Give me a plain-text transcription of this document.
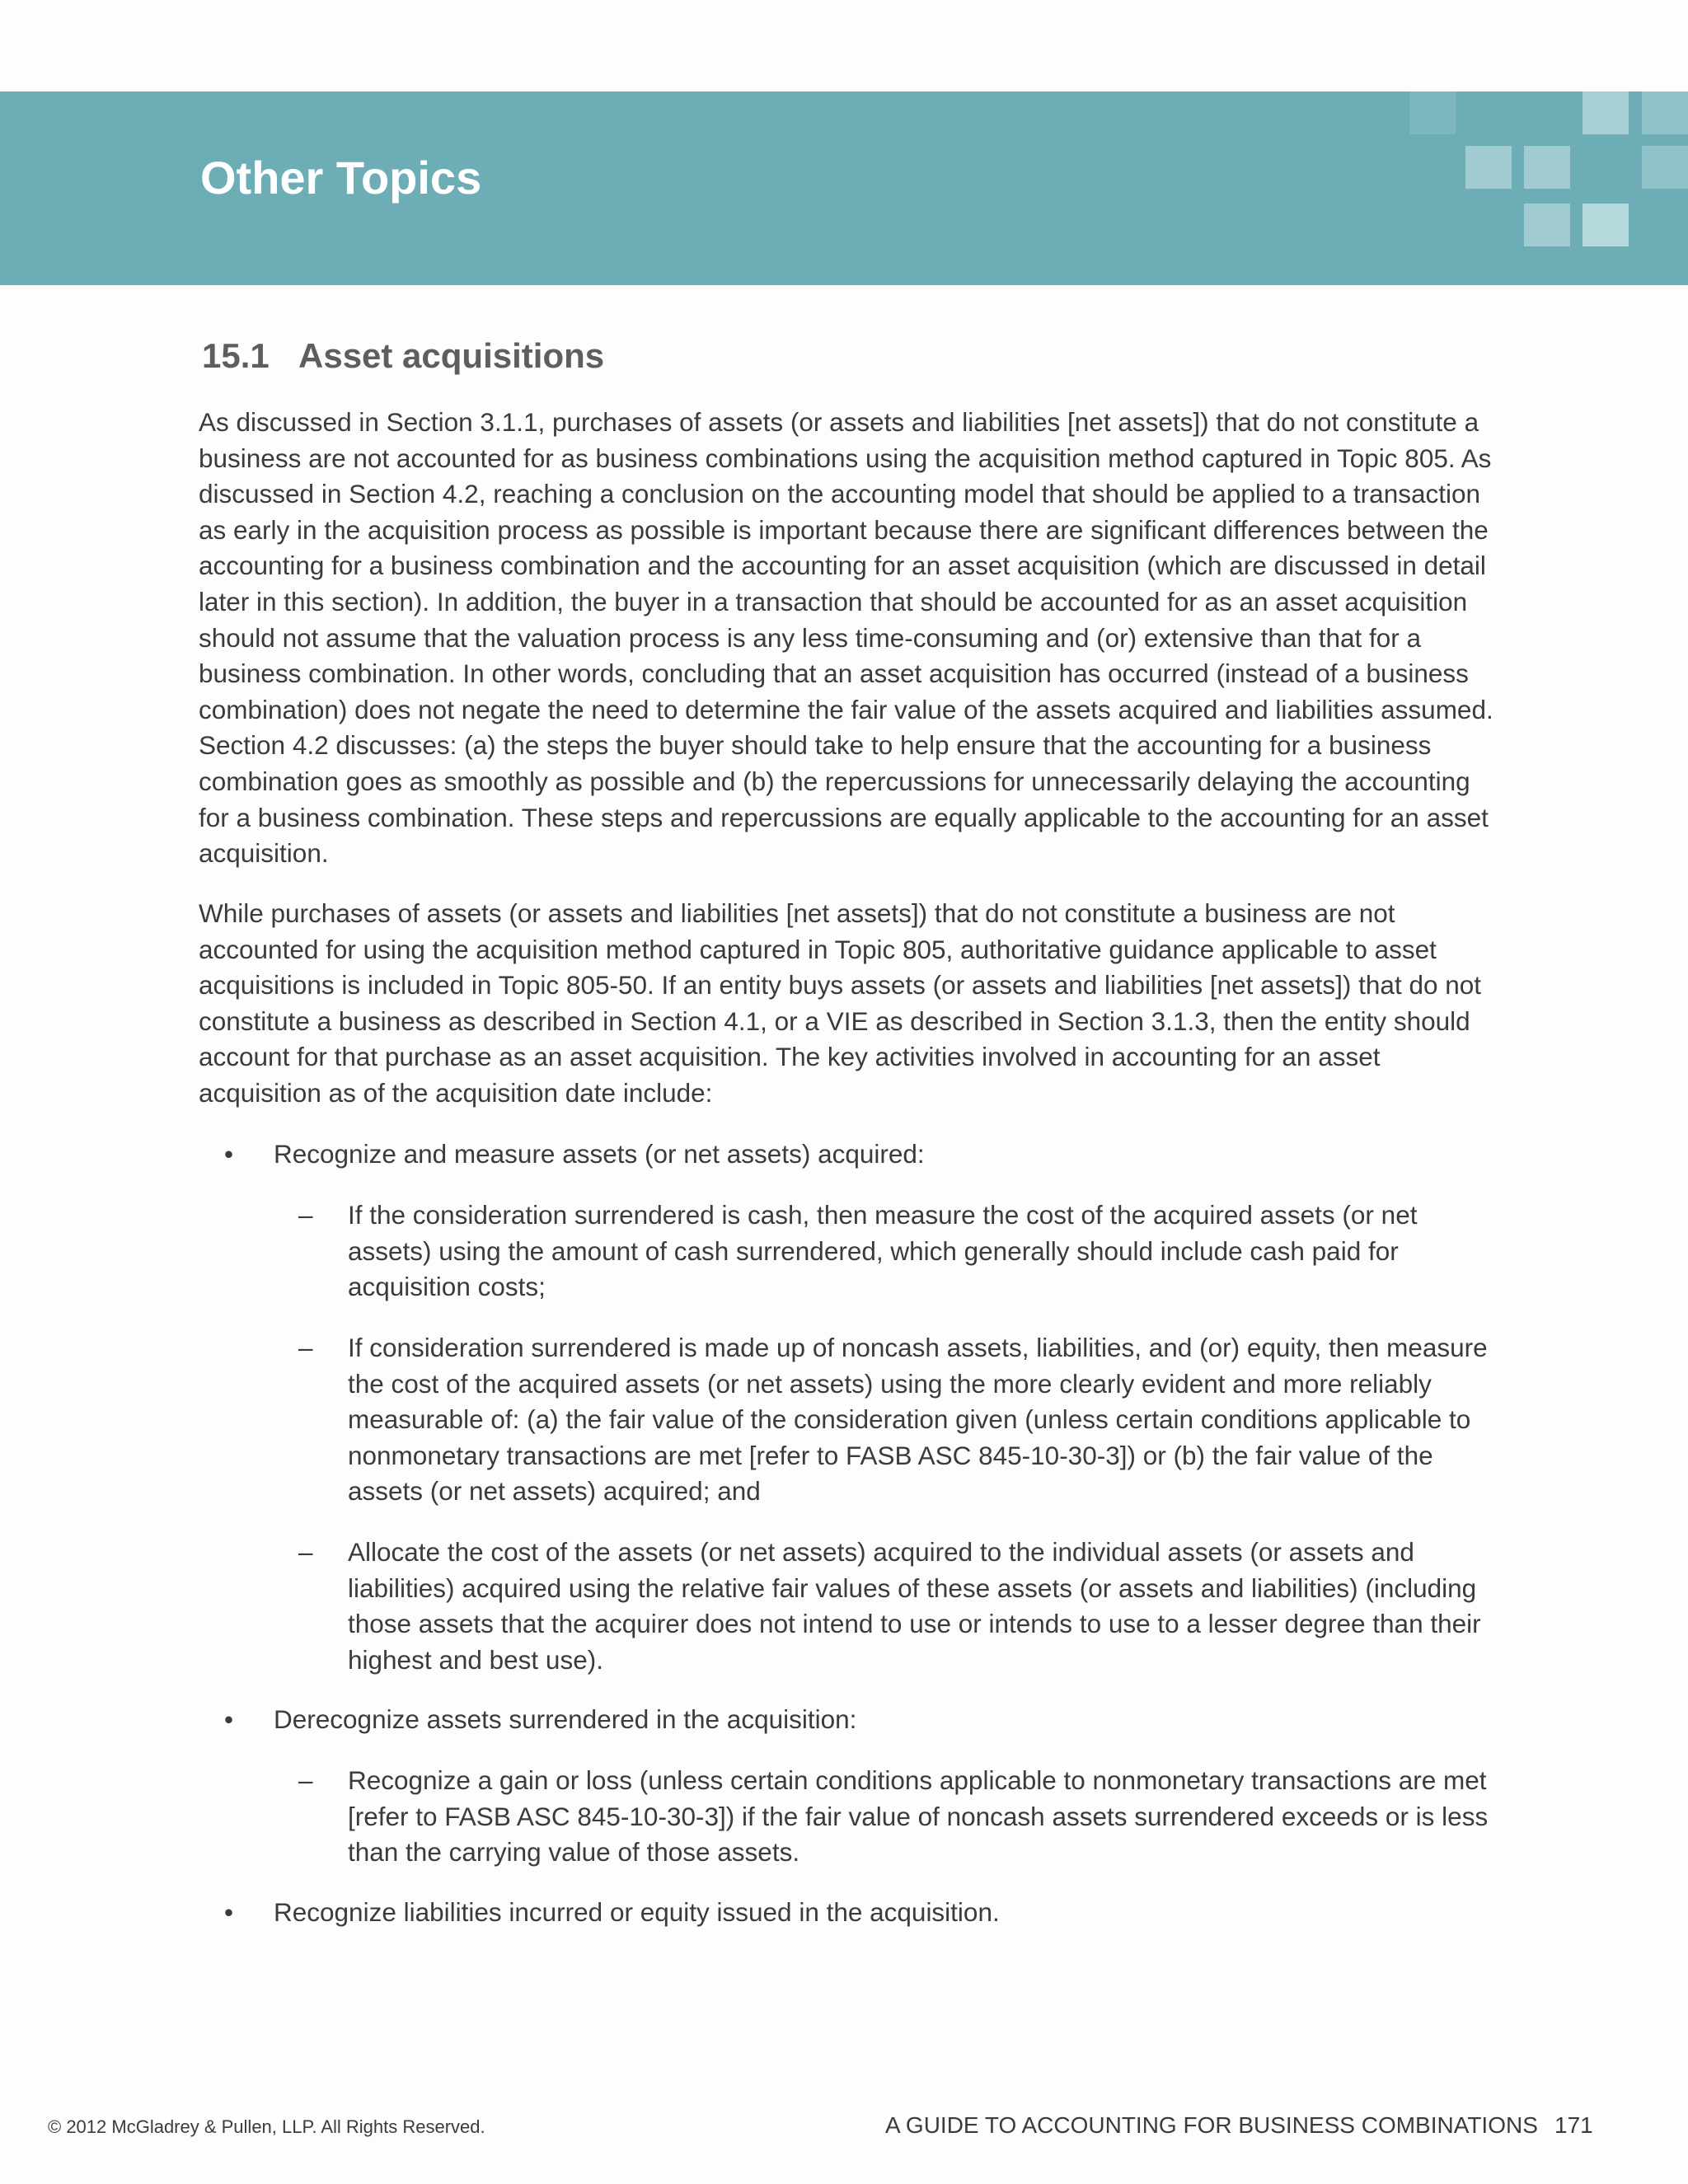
Other Topics
15.1 Asset acquisitions

As discussed in Section 3.1.1, purchases of assets (or assets and liabilities [net assets]) that do not constitute a business are not accounted for as business combinations using the acquisition method captured in Topic 805. As discussed in Section 4.2, reaching a conclusion on the accounting model that should be applied to a transaction as early in the acquisition process as possible is important because there are significant differences between the accounting for a business combination and the accounting for an asset acquisition (which are discussed in detail later in this section). In addition, the buyer in a transaction that should be accounted for as an asset acquisition should not assume that the valuation process is any less time-consuming and (or) extensive than that for a business combination. In other words, concluding that an asset acquisition has occurred (instead of a business combination) does not negate the need to determine the fair value of the assets acquired and liabilities assumed. Section 4.2 discusses: (a) the steps the buyer should take to help ensure that the accounting for a business combination goes as smoothly as possible and (b) the repercussions for unnecessarily delaying the accounting for a business combination. These steps and repercussions are equally applicable to the accounting for an asset acquisition.

While purchases of assets (or assets and liabilities [net assets]) that do not constitute a business are not accounted for using the acquisition method captured in Topic 805, authoritative guidance applicable to asset acquisitions is included in Topic 805-50. If an entity buys assets (or assets and liabilities [net assets]) that do not constitute a business as described in Section 4.1, or a VIE as described in Section 3.1.3, then the entity should account for that purchase as an asset acquisition. The key activities involved in accounting for an asset acquisition as of the acquisition date include:

• Recognize and measure assets (or net assets) acquired:
– If the consideration surrendered is cash, then measure the cost of the acquired assets (or net assets) using the amount of cash surrendered, which generally should include cash paid for acquisition costs;
– If consideration surrendered is made up of noncash assets, liabilities, and (or) equity, then measure the cost of the acquired assets (or net assets) using the more clearly evident and more reliably measurable of: (a) the fair value of the consideration given (unless certain conditions applicable to nonmonetary transactions are met [refer to FASB ASC 845-10-30-3]) or (b) the fair value of the assets (or net assets) acquired; and
– Allocate the cost of the assets (or net assets) acquired to the individual assets (or assets and liabilities) acquired using the relative fair values of these assets (or assets and liabilities) (including those assets that the acquirer does not intend to use or intends to use to a lesser degree than their highest and best use).
• Derecognize assets surrendered in the acquisition:
– Recognize a gain or loss (unless certain conditions applicable to nonmonetary transactions are met [refer to FASB ASC 845-10-30-3]) if the fair value of noncash assets surrendered exceeds or is less than the carrying value of those assets.
• Recognize liabilities incurred or equity issued in the acquisition.
© 2012 McGladrey & Pullen, LLP. All Rights Reserved.	A GUIDE TO ACCOUNTING FOR BUSINESS COMBINATIONS 171
